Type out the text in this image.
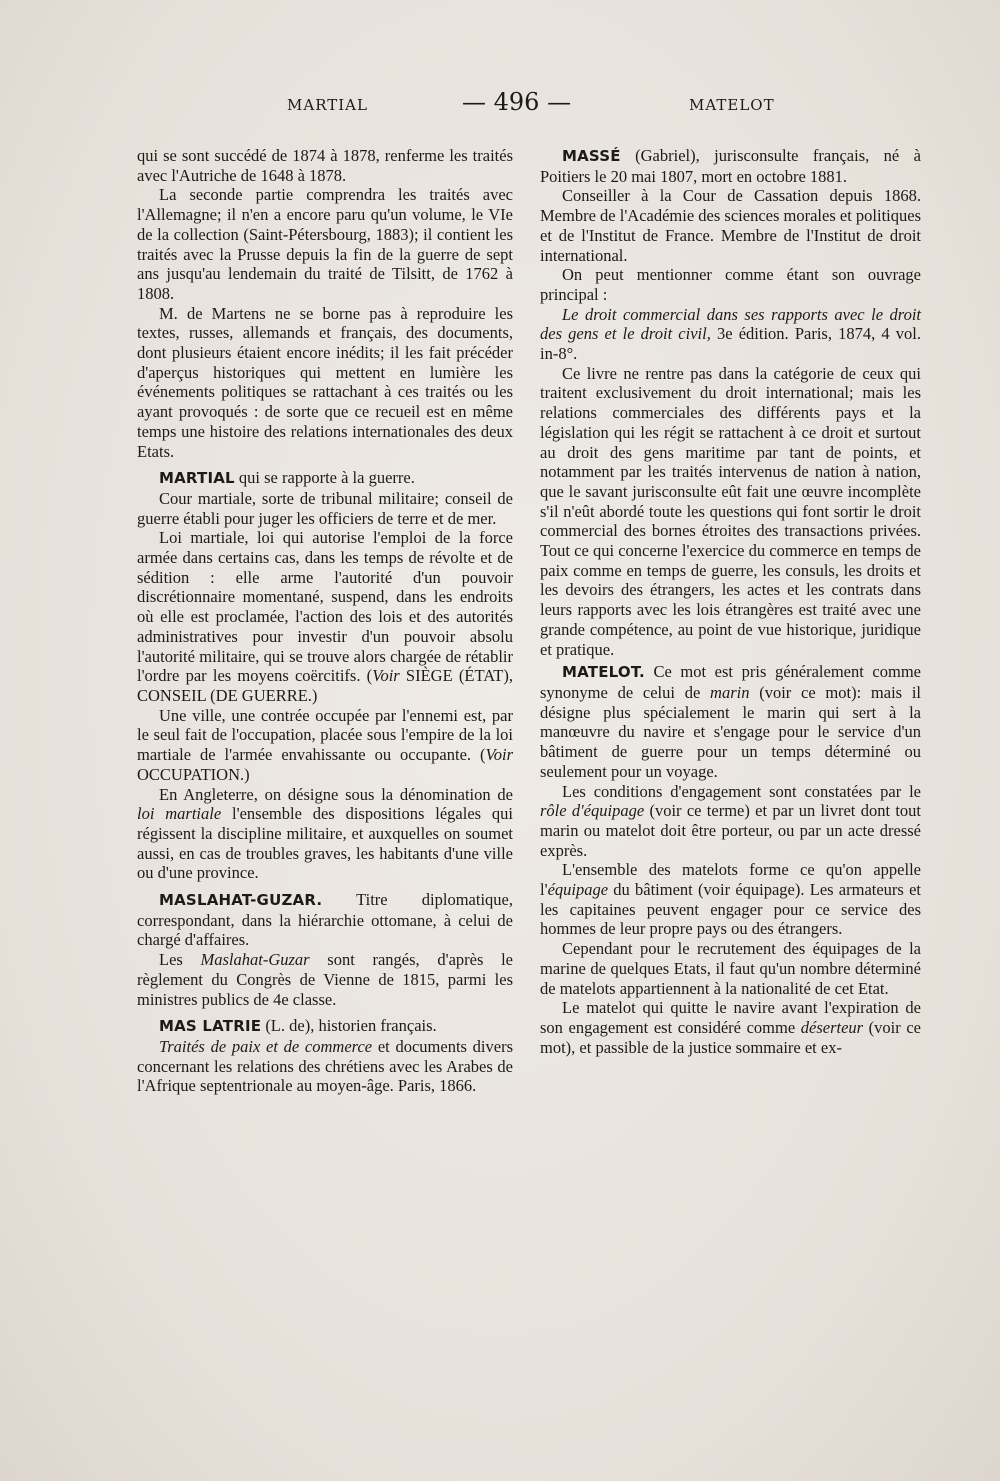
MARTIAL	— 496 —	MATELOT

qui se sont succédé de 1874 à 1878, renferme les traités avec l'Autriche de 1648 à 1878.

La seconde partie comprendra les traités avec l'Allemagne; il n'en a encore paru qu'un volume, le VIe de la collection (Saint-Pétersbourg, 1883); il contient les traités avec la Prusse depuis la fin de la guerre de sept ans jusqu'au lendemain du traité de Tilsitt, de 1762 à 1808.

M. de Martens ne se borne pas à reproduire les textes, russes, allemands et français, des documents, dont plusieurs étaient encore inédits; il les fait précéder d'aperçus historiques qui mettent en lumière les événements politiques se rattachant à ces traités ou les ayant provoqués : de sorte que ce recueil est en même temps une histoire des relations internationales des deux Etats.

MARTIAL qui se rapporte à la guerre.

Cour martiale, sorte de tribunal militaire; conseil de guerre établi pour juger les officiers de terre et de mer.

Loi martiale, loi qui autorise l'emploi de la force armée dans certains cas, dans les temps de révolte et de sédition : elle arme l'autorité d'un pouvoir discrétionnaire momentané, suspend, dans les endroits où elle est proclamée, l'action des lois et des autorités administratives pour investir d'un pouvoir absolu l'autorité militaire, qui se trouve alors chargée de rétablir l'ordre par les moyens coërcitifs. (Voir SIÈGE (ÉTAT), CONSEIL (DE GUERRE.)

Une ville, une contrée occupée par l'ennemi est, par le seul fait de l'occupation, placée sous l'empire de la loi martiale de l'armée envahissante ou occupante. (Voir OCCUPATION.)

En Angleterre, on désigne sous la dénomination de loi martiale l'ensemble des dispositions légales qui régissent la discipline militaire, et auxquelles on soumet aussi, en cas de troubles graves, les habitants d'une ville ou d'une province.

MASLAHAT-GUZAR. Titre diplomatique, correspondant, dans la hiérarchie ottomane, à celui de chargé d'affaires.

Les Maslahat-Guzar sont rangés, d'après le règlement du Congrès de Vienne de 1815, parmi les ministres publics de 4e classe.

MAS LATRIE (L. de), historien français.

Traités de paix et de commerce et documents divers concernant les relations des chrétiens avec les Arabes de l'Afrique septentrionale au moyen-âge. Paris, 1866.

MASSÉ (Gabriel), jurisconsulte français, né à Poitiers le 20 mai 1807, mort en octobre 1881.

Conseiller à la Cour de Cassation depuis 1868. Membre de l'Académie des sciences morales et politiques et de l'Institut de France. Membre de l'Institut de droit international.

On peut mentionner comme étant son ouvrage principal :

Le droit commercial dans ses rapports avec le droit des gens et le droit civil, 3e édition. Paris, 1874, 4 vol. in-8°.

Ce livre ne rentre pas dans la catégorie de ceux qui traitent exclusivement du droit international; mais les relations commerciales des différents pays et la législation qui les régit se rattachent à ce droit et surtout au droit des gens maritime par tant de points, et notamment par les traités intervenus de nation à nation, que le savant jurisconsulte eût fait une œuvre incomplète s'il n'eût abordé toute les questions qui font sortir le droit commercial des bornes étroites des transactions privées. Tout ce qui concerne l'exercice du commerce en temps de paix comme en temps de guerre, les consuls, les droits et les devoirs des étrangers, les actes et les contrats dans leurs rapports avec les lois étrangères est traité avec une grande compétence, au point de vue historique, juridique et pratique.

MATELOT. Ce mot est pris généralement comme synonyme de celui de marin (voir ce mot): mais il désigne plus spécialement le marin qui sert à la manœuvre du navire et s'engage pour le service d'un bâtiment de guerre pour un temps déterminé ou seulement pour un voyage.

Les conditions d'engagement sont constatées par le rôle d'équipage (voir ce terme) et par un livret dont tout marin ou matelot doit être porteur, ou par un acte dressé exprès.

L'ensemble des matelots forme ce qu'on appelle l'équipage du bâtiment (voir équipage). Les armateurs et les capitaines peuvent engager pour ce service des hommes de leur propre pays ou des étrangers.

Cependant pour le recrutement des équipages de la marine de quelques Etats, il faut qu'un nombre déterminé de matelots appartiennent à la nationalité de cet Etat.

Le matelot qui quitte le navire avant l'expiration de son engagement est considéré comme déserteur (voir ce mot), et passible de la justice sommaire et ex-
